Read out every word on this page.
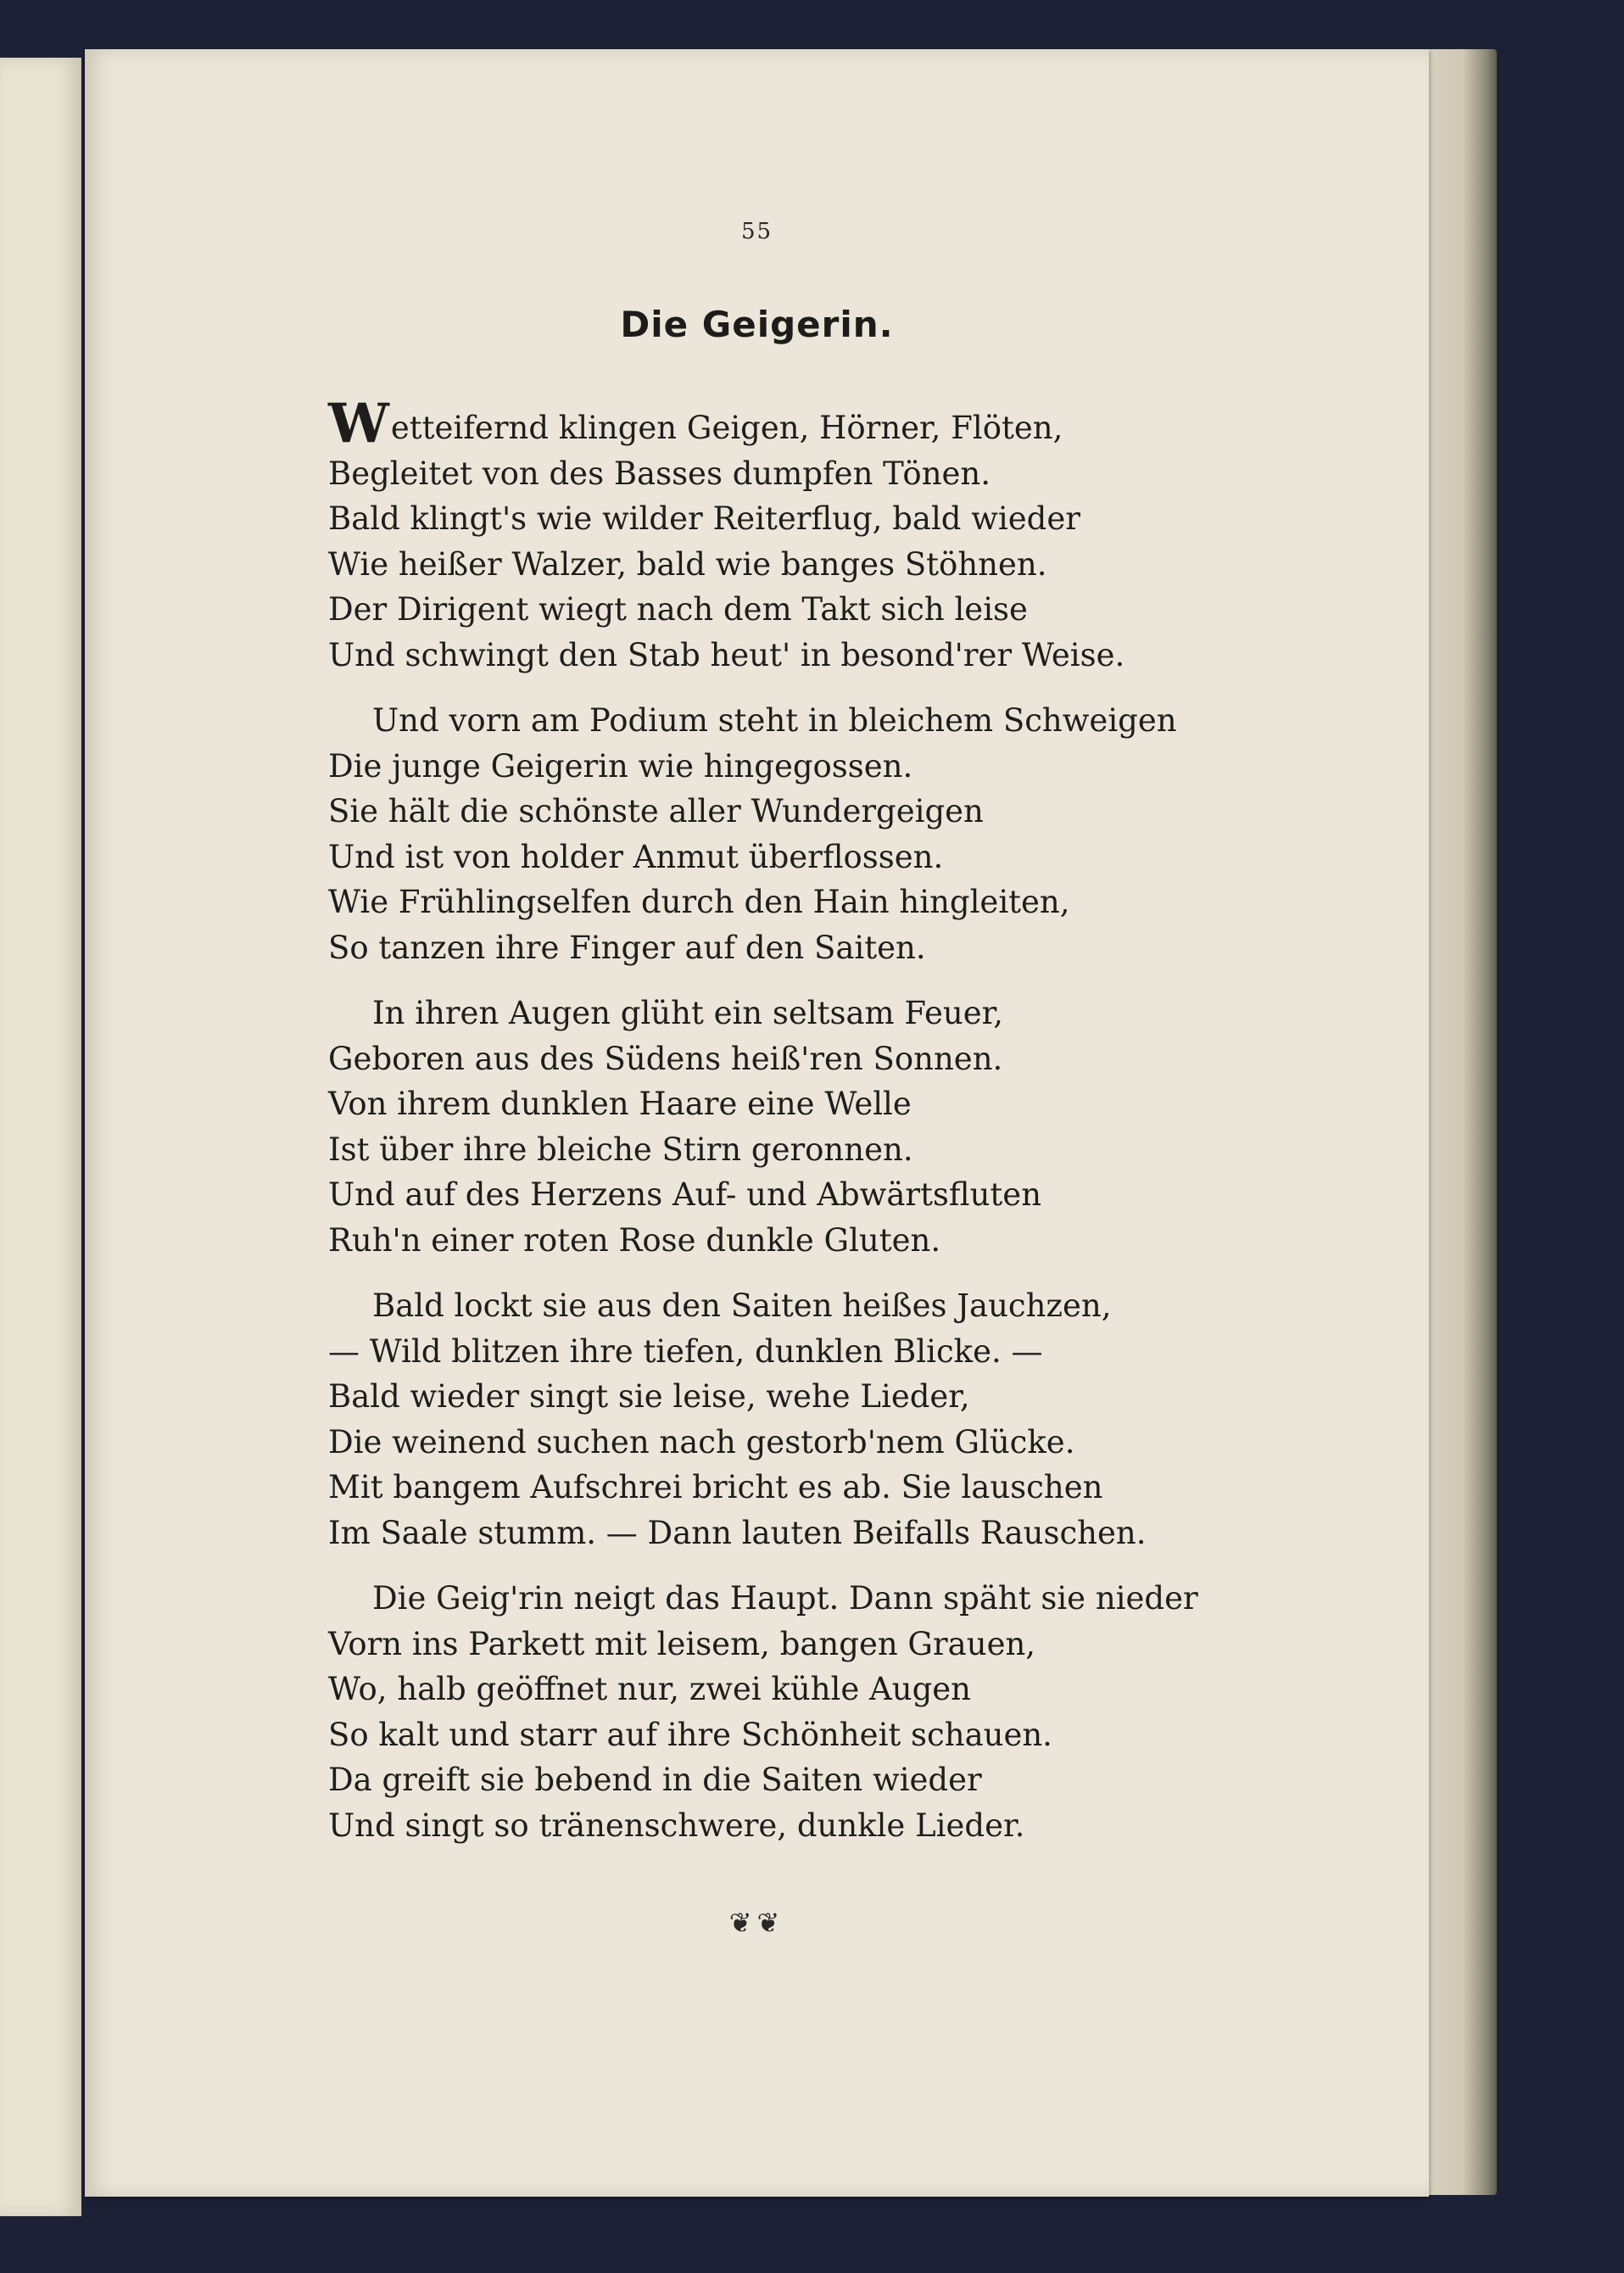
55
Die Geigerin.
Wetteifernd klingen Geigen, Hörner, Flöten,
Begleitet von des Basses dumpfen Tönen.
Bald klingt's wie wilder Reiterflug, bald wieder
Wie heißer Walzer, bald wie banges Stöhnen.
Der Dirigent wiegt nach dem Takt sich leise
Und schwingt den Stab heut' in besond'rer Weise.
Und vorn am Podium steht in bleichem Schweigen
Die junge Geigerin wie hingegossen.
Sie hält die schönste aller Wundergeigen
Und ist von holder Anmut überflossen.
Wie Frühlingselfen durch den Hain hingleiten,
So tanzen ihre Finger auf den Saiten.
In ihren Augen glüht ein seltsam Feuer,
Geboren aus des Südens heiß'ren Sonnen.
Von ihrem dunklen Haare eine Welle
Ist über ihre bleiche Stirn geronnen.
Und auf des Herzens Auf- und Abwärtsfluten
Ruh'n einer roten Rose dunkle Gluten.
Bald lockt sie aus den Saiten heißes Jauchzen,
— Wild blitzen ihre tiefen, dunklen Blicke. —
Bald wieder singt sie leise, wehe Lieder,
Die weinend suchen nach gestorb'nem Glücke.
Mit bangem Aufschrei bricht es ab. Sie lauschen
Im Saale stumm. — Dann lauten Beifalls Rauschen.
Die Geig'rin neigt das Haupt. Dann späht sie nieder
Vorn ins Parkett mit leisem, bangen Grauen,
Wo, halb geöffnet nur, zwei kühle Augen
So kalt und starr auf ihre Schönheit schauen.
Da greift sie bebend in die Saiten wieder
Und singt so tränenschwere, dunkle Lieder.
❦❦
